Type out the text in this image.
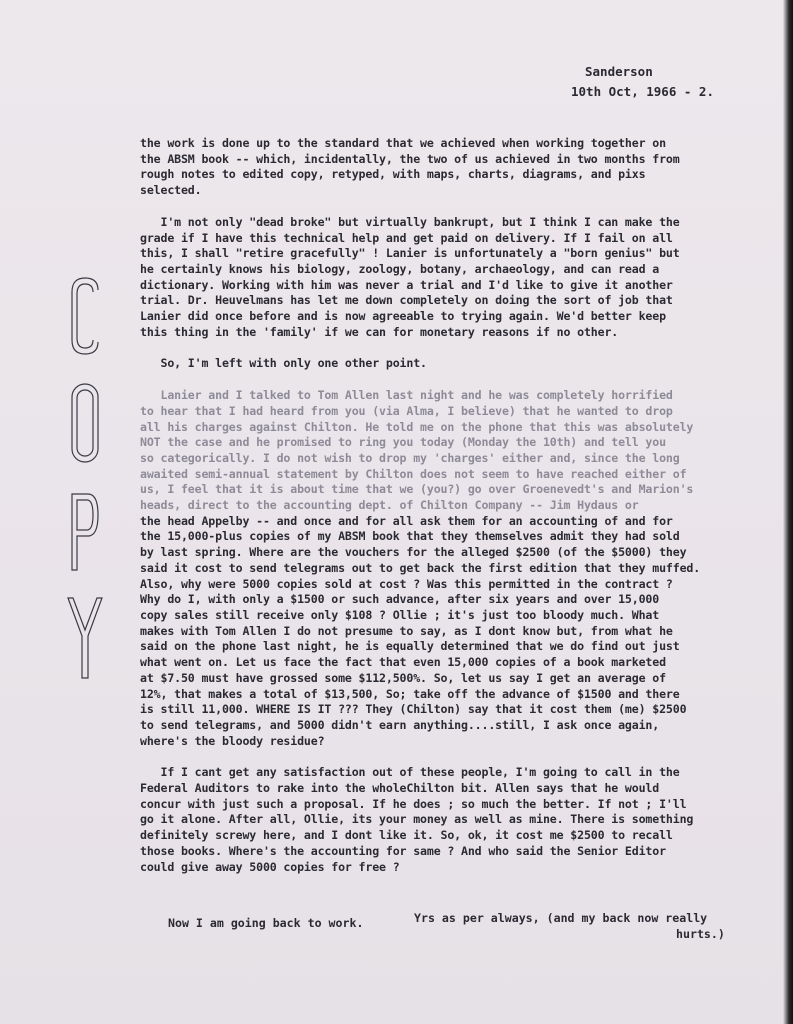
Sanderson
10th Oct, 1966 - 2.
the work is done up to the standard that we achieved when working together on
the ABSM book -- which, incidentally, the two of us achieved in two months from
rough notes to edited copy, retyped, with maps, charts, diagrams, and pixs
selected.
I'm not only "dead broke" but virtually bankrupt, but I think I can make the
grade if I have this technical help and get paid on delivery. If I fail on all
this, I shall "retire gracefully" ! Lanier is unfortunately a "born genius" but
he certainly knows his biology, zoology, botany, archaeology, and can read a
dictionary. Working with him was never a trial and I'd like to give it another
trial. Dr. Heuvelmans has let me down completely on doing the sort of job that
Lanier did once before and is now agreeable to trying again. We'd better keep
this thing in the 'family' if we can for monetary reasons if no other.
So, I'm left with only one other point.
Lanier and I talked to Tom Allen last night and he was completely horrified
to hear that I had heard from you (via Alma, I believe) that he wanted to drop
all his charges against Chilton. He told me on the phone that this was absolutely
NOT the case and he promised to ring you today (Monday the 10th) and tell you
so categorically. I do not wish to drop my 'charges' either and, since the long
awaited semi-annual statement by Chilton does not seem to have reached either of
us, I feel that it is about time that we (you?) go over Groenevedt's and Marion's
heads, direct to the accounting dept. of Chilton Company -- Jim Hydaus or
the head Appelby -- and once and for all ask them for an accounting of and for
the 15,000-plus copies of my ABSM book that they themselves admit they had sold
by last spring. Where are the vouchers for the alleged $2500 (of the $5000) they
said it cost to send telegrams out to get back the first edition that they muffed.
Also, why were 5000 copies sold at cost ? Was this permitted in the contract ?
Why do I, with only a $1500 or such advance, after six years and over 15,000
copy sales still receive only $108 ? Ollie ; it's just too bloody much. What
makes with Tom Allen I do not presume to say, as I dont know but, from what he
said on the phone last night, he is equally determined that we do find out just
what went on. Let us face the fact that even 15,000 copies of a book marketed
at $7.50 must have grossed some $112,500%. So, let us say I get an average of
12%, that makes a total of $13,500, So; take off the advance of $1500 and there
is still 11,000. WHERE IS IT ??? They (Chilton) say that it cost them (me) $2500
to send telegrams, and 5000 didn't earn anything....still, I ask once again,
where's the bloody residue?
If I cant get any satisfaction out of these people, I'm going to call in the
Federal Auditors to rake into the wholeChilton bit. Allen says that he would
concur with just such a proposal. If he does ; so much the better. If not ; I'll
go it alone. After all, Ollie, its your money as well as mine. There is something
definitely screwy here, and I dont like it. So, ok, it cost me $2500 to recall
those books. Where's the accounting for same ? And who said the Senior Editor
could give away 5000 copies for free ?
Now I am going back to work.	Yrs as per always, (and my back now really
hurts.)
